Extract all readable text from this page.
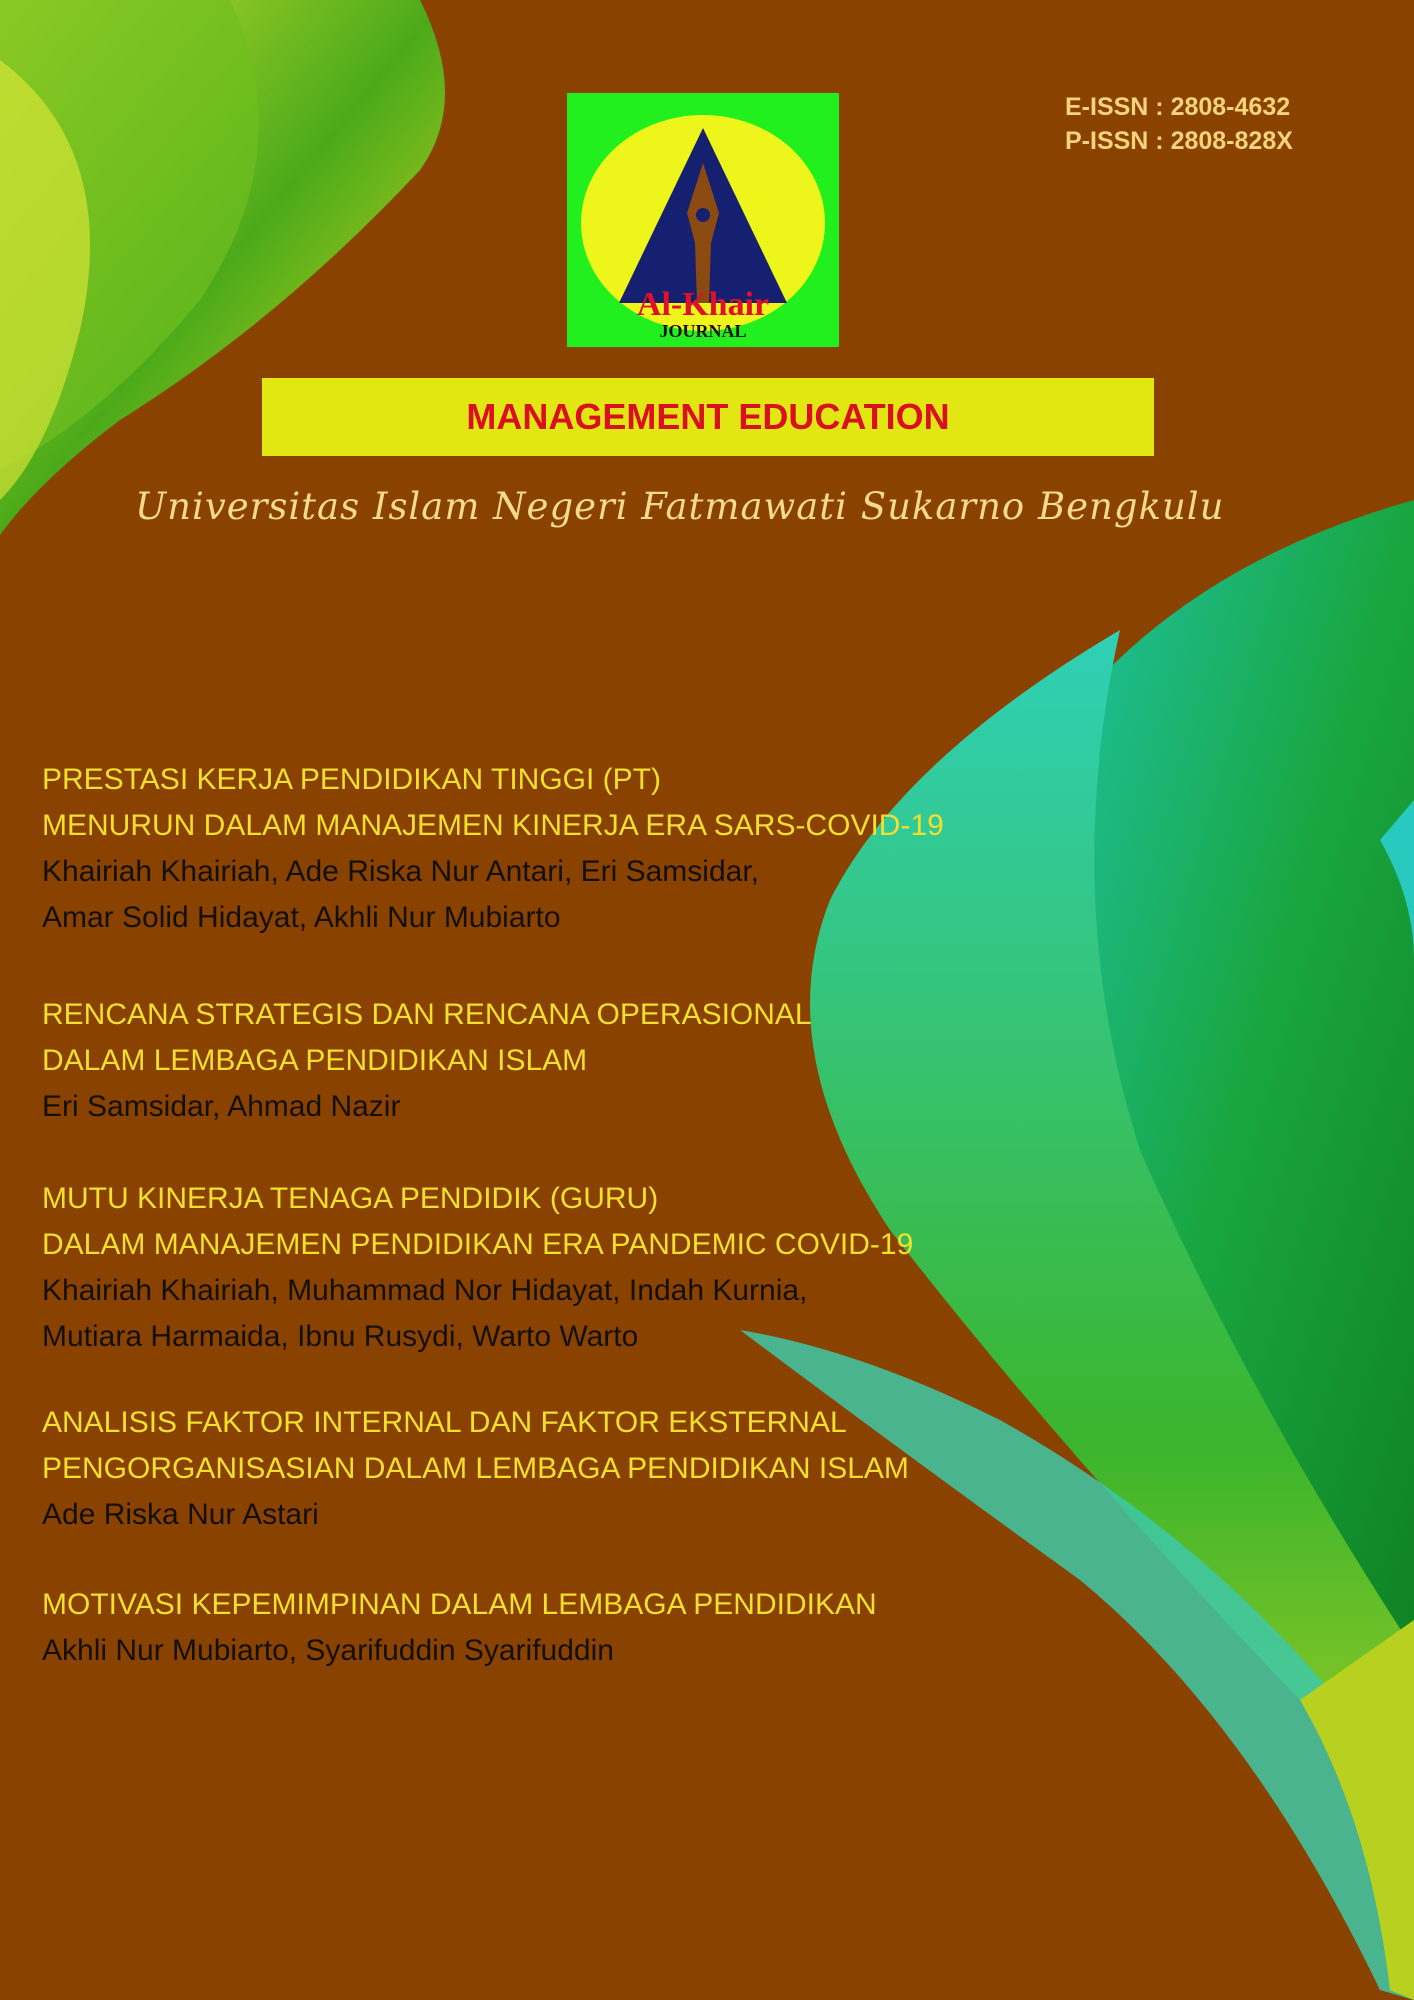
Al-Khair
JOURNAL
E-ISSN : 2808-4632
P-ISSN : 2808-828X
MANAGEMENT EDUCATION
Universitas Islam Negeri Fatmawati Sukarno Bengkulu
PRESTASI KERJA PENDIDIKAN TINGGI (PT)
MENURUN DALAM MANAJEMEN KINERJA ERA SARS-COVID-19
Khairiah Khairiah, Ade Riska Nur Antari, Eri Samsidar,
Amar Solid Hidayat, Akhli Nur Mubiarto
RENCANA STRATEGIS DAN RENCANA OPERASIONAL
DALAM LEMBAGA PENDIDIKAN ISLAM
Eri Samsidar, Ahmad Nazir
MUTU KINERJA TENAGA PENDIDIK (GURU)
DALAM MANAJEMEN PENDIDIKAN ERA PANDEMIC COVID-19
Khairiah Khairiah, Muhammad Nor Hidayat, Indah Kurnia,
Mutiara Harmaida, Ibnu Rusydi, Warto Warto
ANALISIS FAKTOR INTERNAL DAN FAKTOR EKSTERNAL
PENGORGANISASIAN DALAM LEMBAGA PENDIDIKAN ISLAM
Ade Riska Nur Astari
MOTIVASI KEPEMIMPINAN DALAM LEMBAGA PENDIDIKAN
Akhli Nur Mubiarto, Syarifuddin Syarifuddin
